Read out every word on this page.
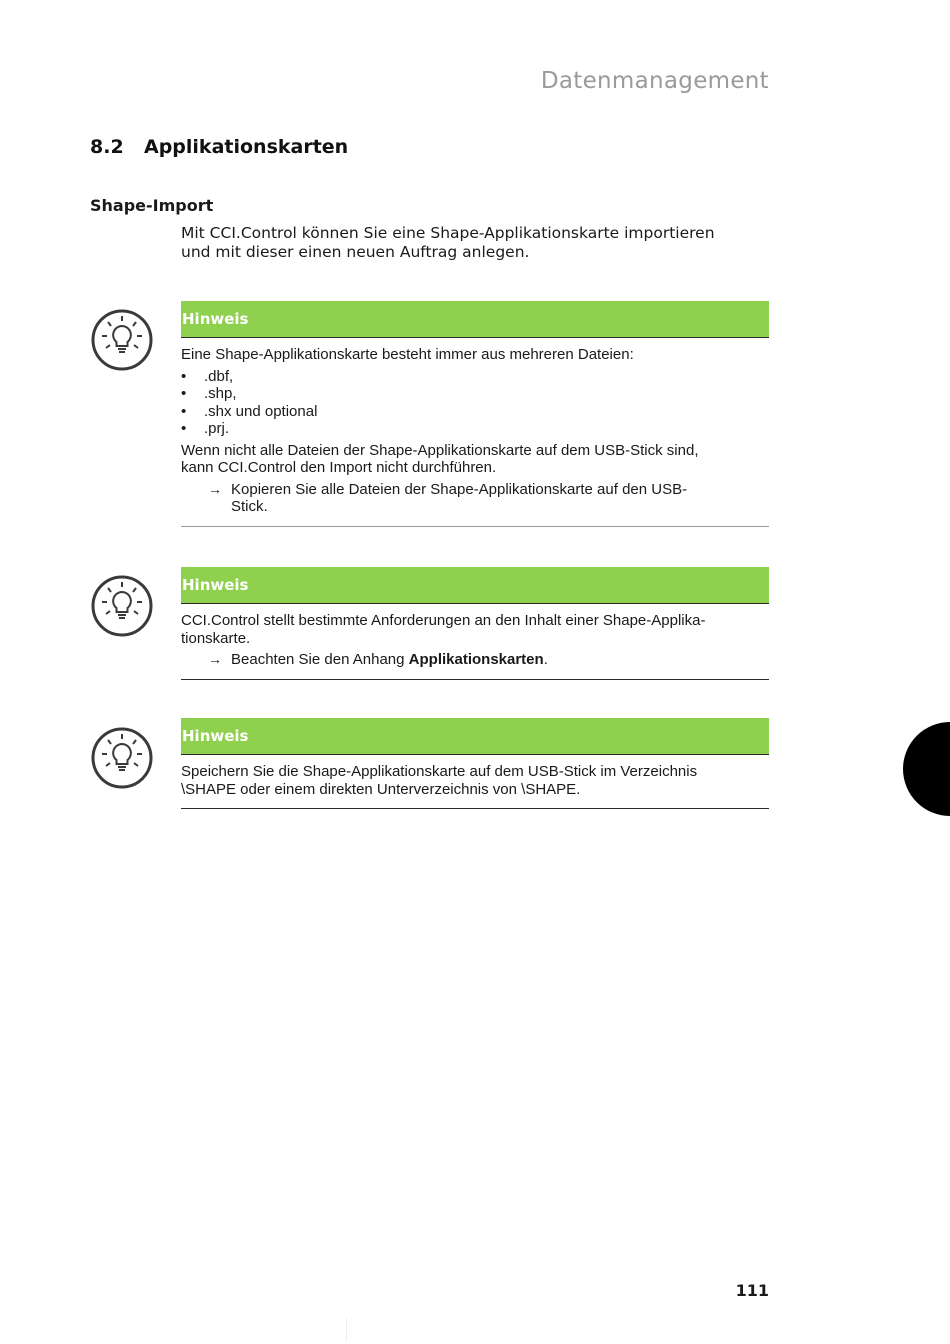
Datenmanagement
8.2 Applikationskarten
Shape-Import
Mit CCI.Control können Sie eine Shape-Applikationskarte importieren
und mit dieser einen neuen Auftrag anlegen.
Hinweis

Eine Shape-Applikationskarte besteht immer aus mehreren Dateien:

• .dbf,
• .shp,
• .shx und optional
• .prj.

Wenn nicht alle Dateien der Shape-Applikationskarte auf dem USB-Stick sind,

kann CCI.Control den Import nicht durchführen.

→ Kopieren Sie alle Dateien der Shape-Applikationskarte auf den USB-
Stick.
Hinweis

CCI.Control stellt bestimmte Anforderungen an den Inhalt einer Shape-Applika-

tionskarte.

→ Beachten Sie den Anhang Applikationskarten.
Hinweis

Speichern Sie die Shape-Applikationskarte auf dem USB-Stick im Verzeichnis

\SHAPE oder einem direkten Unterverzeichnis von \SHAPE.

111
